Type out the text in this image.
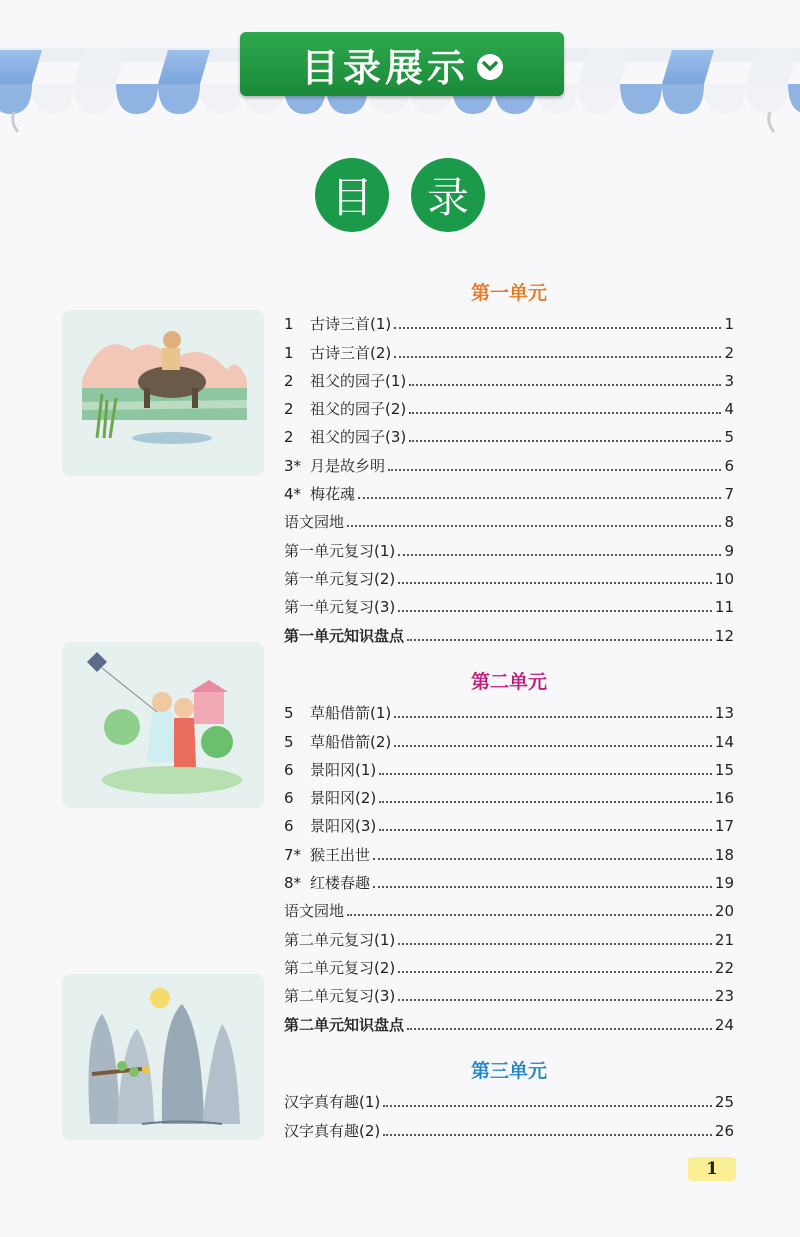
目录展示
目	录
第一单元
第二单元
第三单元
1	古诗三首(1)	1
1	古诗三首(2)	2
2	祖父的园子(1)	3
2	祖父的园子(2)	4
2	祖父的园子(3)	5
3* 月是故乡明	6
4* 梅花魂	7
语文园地	8
第一单元复习(1)	9
第一单元复习(2)	10
第一单元复习(3)	11
第一单元知识盘点	12
5	草船借箭(1)	13
5	草船借箭(2)	14
6	景阳冈(1)	15
6	景阳冈(2)	16
6	景阳冈(3)	17
7* 猴王出世	18
8* 红楼春趣	19
语文园地	20
第二单元复习(1)	21
第二单元复习(2)	22
第二单元复习(3)	23
第二单元知识盘点	24
汉字真有趣(1)	25
汉字真有趣(2)	26
1
